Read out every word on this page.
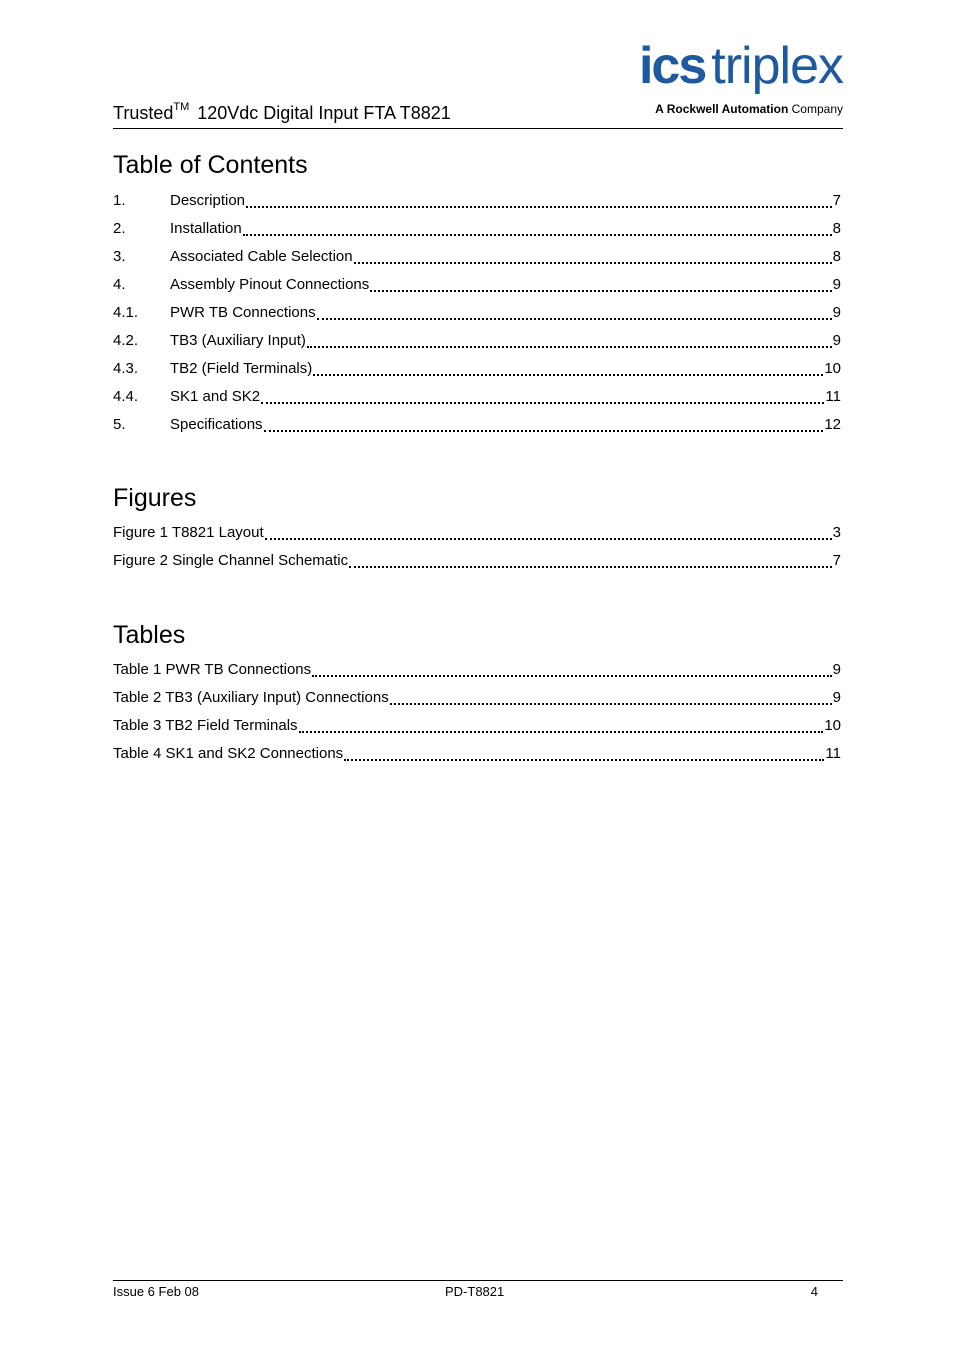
Trusted™ 120Vdc Digital Input FTA T8821
ics triplex
A Rockwell Automation Company
Table of Contents
1.	Description	7
2.	Installation	8
3.	Associated Cable Selection	8
4.	Assembly Pinout Connections	9
4.1.	PWR TB Connections	9
4.2.	TB3 (Auxiliary Input)	9
4.3.	TB2 (Field Terminals)	10
4.4.	SK1 and SK2	11
5.	Specifications	12
Figures
Figure 1 T8821 Layout	3
Figure 2 Single Channel Schematic	7
Tables
Table 1 PWR TB Connections	9
Table 2 TB3 (Auxiliary Input) Connections	9
Table 3 TB2 Field Terminals	10
Table 4 SK1 and SK2 Connections	11
Issue 6 Feb 08	PD-T8821	4
